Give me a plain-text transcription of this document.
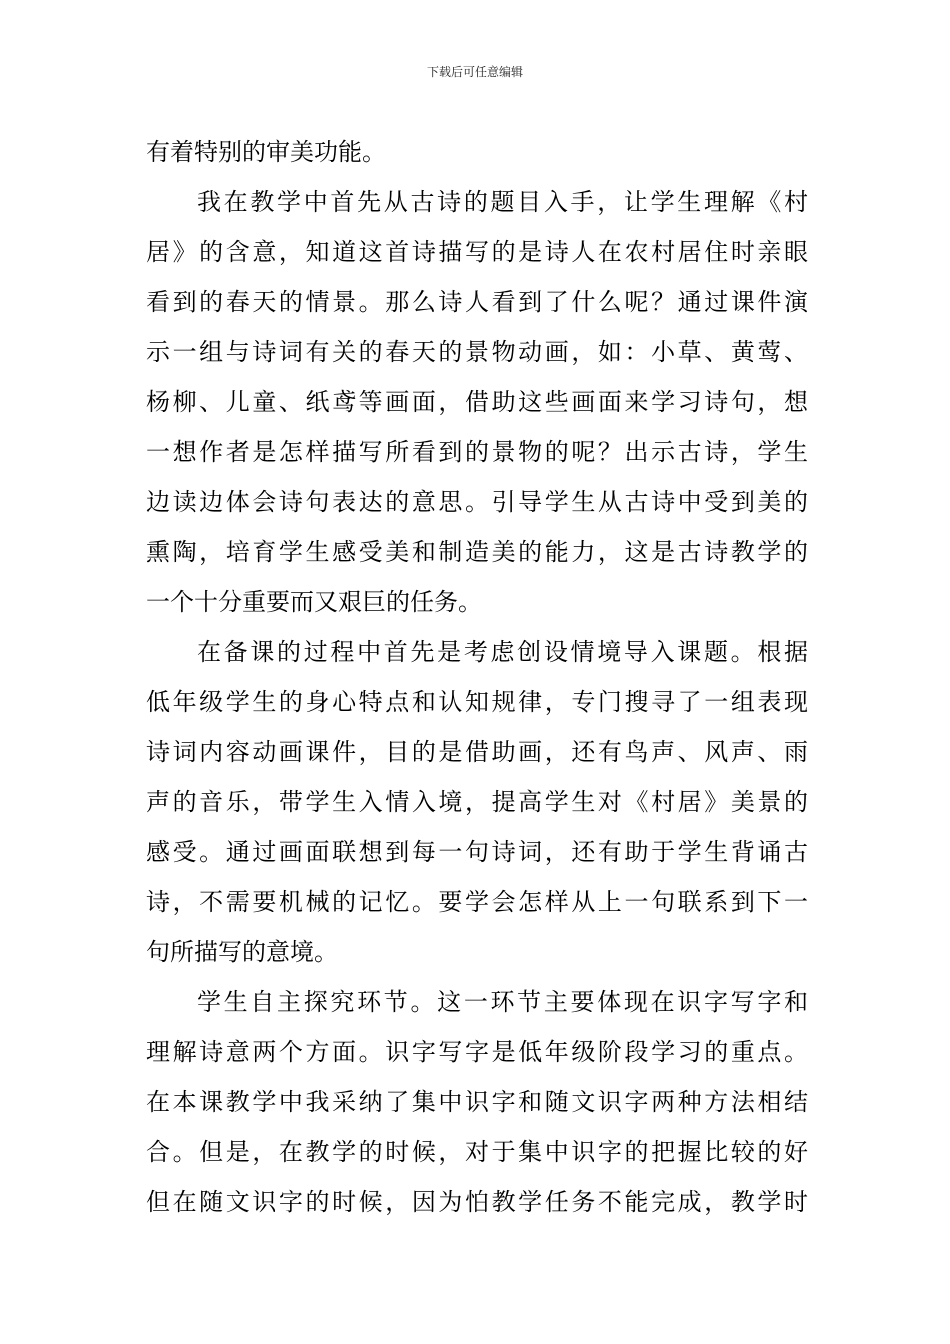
下载后可任意编辑
有着特别的审美功能。
我在教学中首先从古诗的题目入手，让学生理解《村
居》的含意，知道这首诗描写的是诗人在农村居住时亲眼
看到的春天的情景。那么诗人看到了什么呢？通过课件演
示一组与诗词有关的春天的景物动画，如：小草、黄莺、
杨柳、儿童、纸鸢等画面，借助这些画面来学习诗句，想
一想作者是怎样描写所看到的景物的呢？出示古诗，学生
边读边体会诗句表达的意思。引导学生从古诗中受到美的
熏陶，培育学生感受美和制造美的能力，这是古诗教学的
一个十分重要而又艰巨的任务。
在备课的过程中首先是考虑创设情境导入课题。根据
低年级学生的身心特点和认知规律，专门搜寻了一组表现
诗词内容动画课件，目的是借助画，还有鸟声、风声、雨
声的音乐，带学生入情入境，提高学生对《村居》美景的
感受。通过画面联想到每一句诗词，还有助于学生背诵古
诗，不需要机械的记忆。要学会怎样从上一句联系到下一
句所描写的意境。
学生自主探究环节。这一环节主要体现在识字写字和
理解诗意两个方面。识字写字是低年级阶段学习的重点。
在本课教学中我采纳了集中识字和随文识字两种方法相结
合。但是，在教学的时候，对于集中识字的把握比较的好
但在随文识字的时候，因为怕教学任务不能完成，教学时
